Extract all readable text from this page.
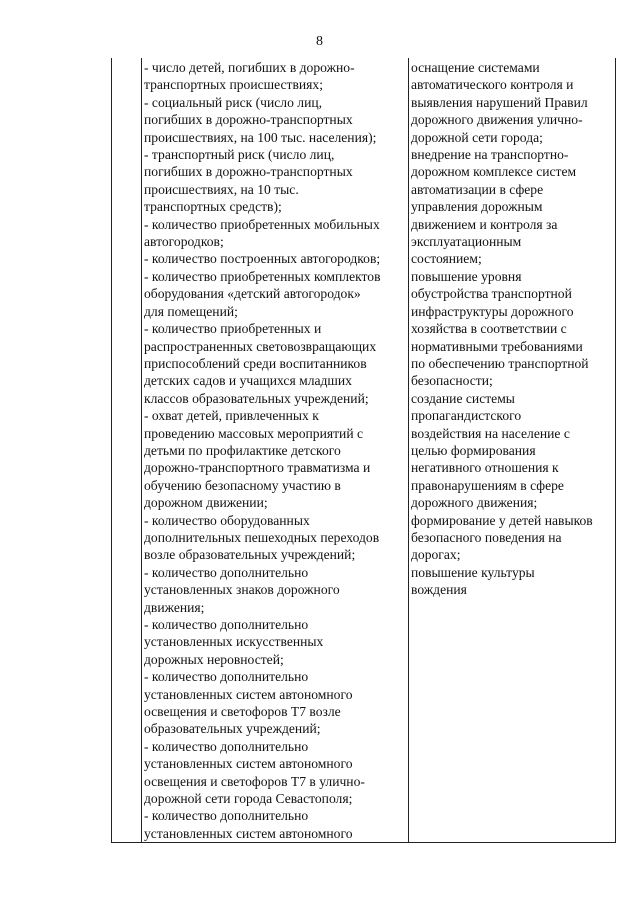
8
- число детей, погибших в дорожно-
транспортных происшествиях;
- социальный риск (число лиц,
погибших в дорожно-транспортных
происшествиях, на 100 тыс. населения);
- транспортный риск (число лиц,
погибших в дорожно-транспортных
происшествиях, на 10 тыс.
транспортных средств);
- количество приобретенных мобильных
автогородков;
- количество построенных автогородков;
- количество приобретенных комплектов
оборудования «детский автогородок»
для помещений;
- количество приобретенных и
распространенных световозвращающих
приспособлений среди воспитанников
детских садов и учащихся младших
классов образовательных учреждений;
- охват детей, привлеченных к
проведению массовых мероприятий с
детьми по профилактике детского
дорожно-транспортного травматизма и
обучению безопасному участию в
дорожном движении;
- количество оборудованных
дополнительных пешеходных переходов
возле образовательных учреждений;
- количество дополнительно
установленных знаков дорожного
движения;
- количество дополнительно
установленных искусственных
дорожных неровностей;
- количество дополнительно
установленных систем автономного
освещения и светофоров Т7 возле
образовательных учреждений;
- количество дополнительно
установленных систем автономного
освещения и светофоров Т7 в улично-
дорожной сети города Севастополя;
- количество дополнительно
установленных систем автономного
оснащение системами
автоматического контроля и
выявления нарушений Правил
дорожного движения улично-
дорожной сети города;
внедрение на транспортно-
дорожном комплексе систем
автоматизации в сфере
управления дорожным
движением и контроля за
эксплуатационным
состоянием;
повышение уровня
обустройства транспортной
инфраструктуры дорожного
хозяйства в соответствии с
нормативными требованиями
по обеспечению транспортной
безопасности;
создание системы
пропагандистского
воздействия на население с
целью формирования
негативного отношения к
правонарушениям в сфере
дорожного движения;
формирование у детей навыков
безопасного поведения на
дорогах;
повышение культуры
вождения
